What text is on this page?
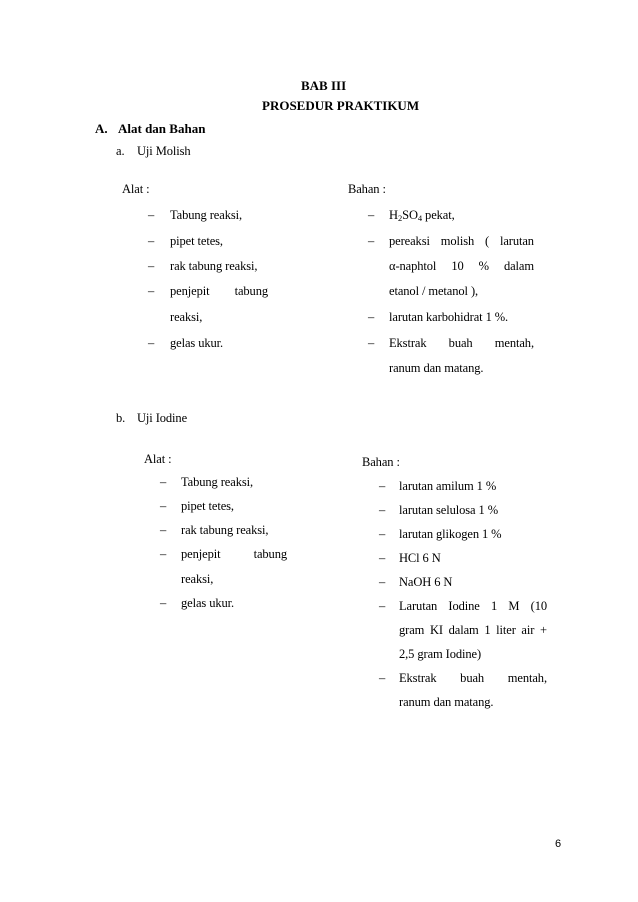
BAB III
PROSEDUR PRAKTIKUM
A. Alat dan Bahan
a. Uji Molish
Alat :	Bahan :
– Tabung reaksi,
– pipet tetes,
– rak tabung reaksi,
– penjepit tabung
reaksi,
– gelas ukur.
– $H_2SO_4$ pekat,
– pereaksi molish ( larutan
α-naphtol 10 % dalam
etanol / metanol ),
– larutan karbohidrat 1 %.
– Ekstrak buah mentah,
ranum dan matang.
b. Uji Iodine
Alat :	Bahan :
– Tabung reaksi,
– pipet tetes,
– rak tabung reaksi,
– penjepit	tabung
reaksi,
– gelas ukur.
– larutan amilum 1 %
– larutan selulosa 1 %
– larutan glikogen 1 %
– HCl 6 N
– NaOH 6 N
– Larutan Iodine 1 M (10
gram KI dalam 1 liter air +
2,5 gram Iodine)
– Ekstrak buah mentah,
ranum dan matang.
6
